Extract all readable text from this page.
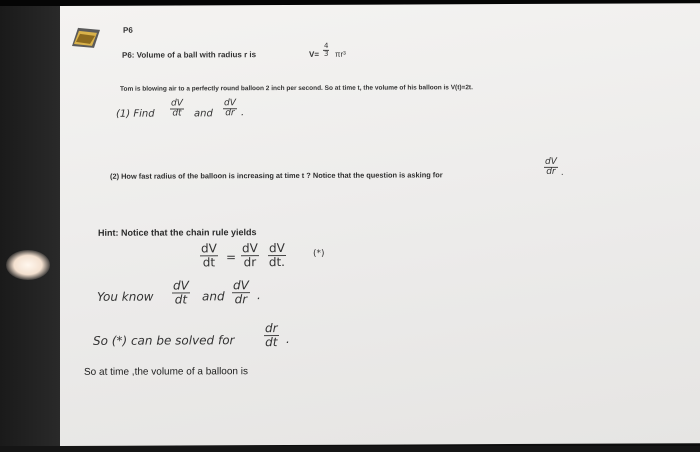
P6
P6: Volume of a ball with radius r is	$V= \frac{4}{3} \pi r^3$
Tom is blowing air to a perfectly round balloon 2 inch per second. So at time t, the volume of his balloon is V(t)=2t.
(1) Find $\frac{dV}{dt}$ and $\frac{dV}{dr}$ .
(2) How fast radius of the balloon is increasing at time t ? Notice that the question is asking for	$\frac{dV}{dr}$ .
Hint: Notice that the chain rule yields
$\frac{dV}{dt} = \frac{dV}{dr} \frac{dV}{dt.}$	(*)
You know $\frac{dV}{dt}$ and $\frac{dV}{dr}$ .
So (*) can be solved for $\frac{dr}{dt}$ .
So at time ,the volume of a balloon is
